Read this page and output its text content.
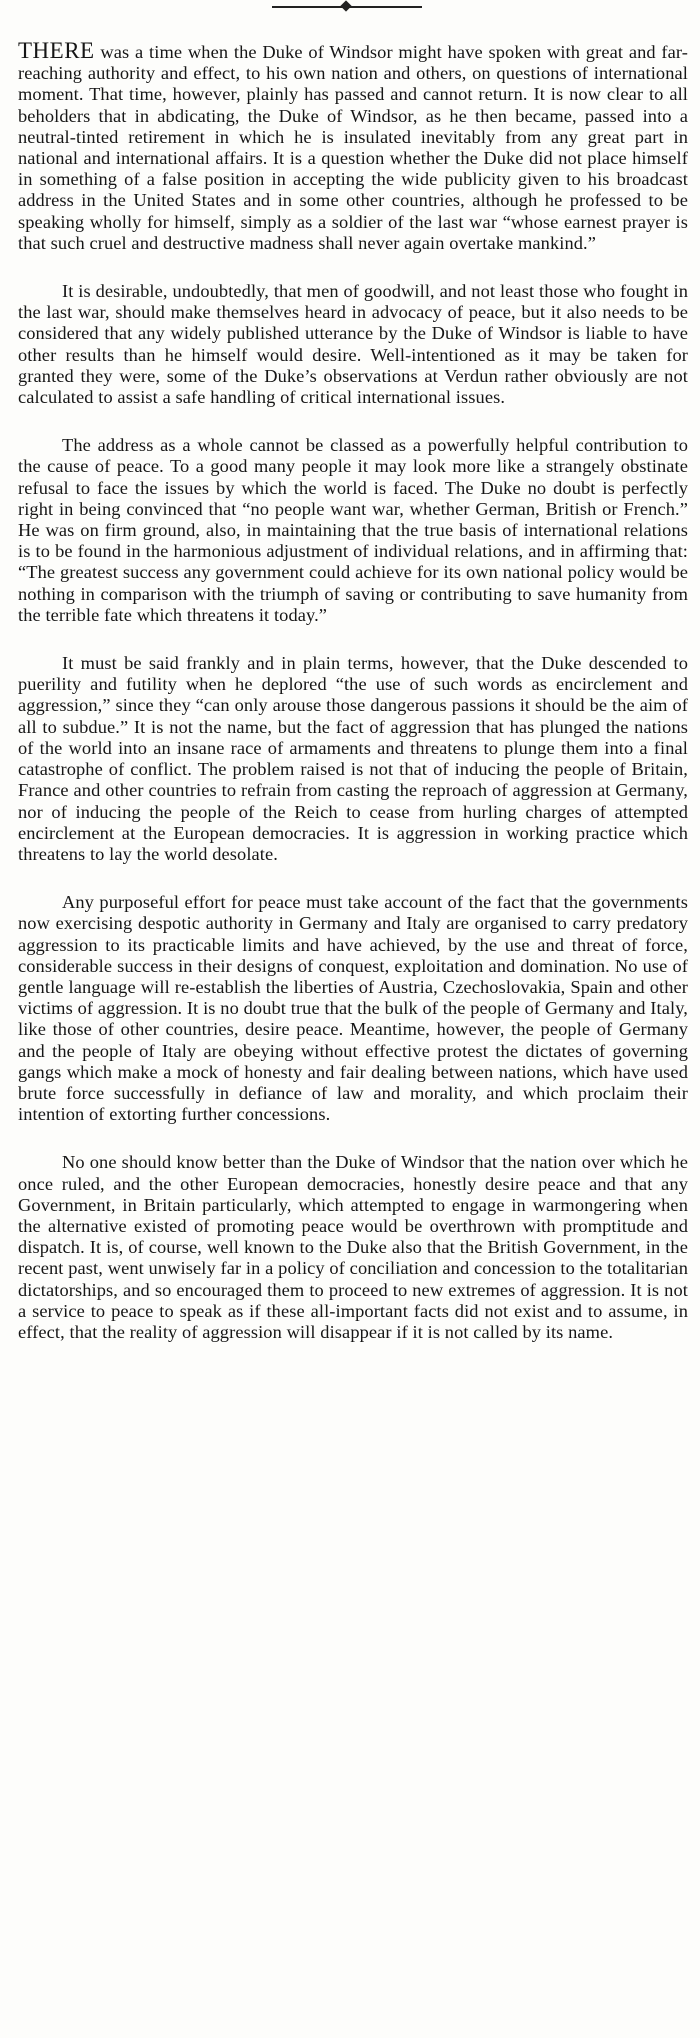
THERE was a time when the Duke of Windsor might have spoken with great and far-reaching authority and effect, to his own nation and others, on questions of international moment. That time, however, plainly has passed and cannot return. It is now clear to all beholders that in abdicating, the Duke of Windsor, as he then became, passed into a neutral-tinted retirement in which he is insulated inevitably from any great part in national and international affairs. It is a question whether the Duke did not place himself in something of a false position in accepting the wide publicity given to his broadcast address in the United States and in some other countries, although he professed to be speaking wholly for himself, simply as a soldier of the last war “whose earnest prayer is that such cruel and destructive madness shall never again overtake mankind.”

It is desirable, undoubtedly, that men of goodwill, and not least those who fought in the last war, should make themselves heard in advocacy of peace, but it also needs to be considered that any widely published utterance by the Duke of Windsor is liable to have other results than he himself would desire. Well-intentioned as it may be taken for granted they were, some of the Duke’s observations at Verdun rather obviously are not calculated to assist a safe handling of critical international issues.

The address as a whole cannot be classed as a powerfully helpful contribution to the cause of peace. To a good many people it may look more like a strangely obstinate refusal to face the issues by which the world is faced. The Duke no doubt is perfectly right in being convinced that “no people want war, whether German, British or French.” He was on firm ground, also, in maintaining that the true basis of international relations is to be found in the harmonious adjustment of individual relations, and in affirming that: “The greatest success any government could achieve for its own national policy would be nothing in comparison with the triumph of saving or contributing to save humanity from the terrible fate which threatens it today.”

It must be said frankly and in plain terms, however, that the Duke descended to puerility and futility when he deplored “the use of such words as encirclement and aggression,” since they “can only arouse those dangerous passions it should be the aim of all to subdue.” It is not the name, but the fact of aggression that has plunged the nations of the world into an insane race of armaments and threatens to plunge them into a final catastrophe of conflict. The problem raised is not that of inducing the people of Britain, France and other countries to refrain from casting the reproach of aggression at Germany, nor of inducing the people of the Reich to cease from hurling charges of attempted encirclement at the European democracies. It is aggression in working practice which threatens to lay the world desolate.

Any purposeful effort for peace must take account of the fact that the governments now exercising despotic authority in Germany and Italy are organised to carry predatory aggression to its practicable limits and have achieved, by the use and threat of force, considerable success in their designs of conquest, exploitation and domination. No use of gentle language will re-establish the liberties of Austria, Czechoslovakia, Spain and other victims of aggression. It is no doubt true that the bulk of the people of Germany and Italy, like those of other countries, desire peace. Meantime, however, the people of Germany and the people of Italy are obeying without effective protest the dictates of governing gangs which make a mock of honesty and fair dealing between nations, which have used brute force successfully in defiance of law and morality, and which proclaim their intention of extorting further concessions.

No one should know better than the Duke of Windsor that the nation over which he once ruled, and the other European democracies, honestly desire peace and that any Government, in Britain particularly, which attempted to engage in warmongering when the alternative existed of promoting peace would be overthrown with promptitude and dispatch. It is, of course, well known to the Duke also that the British Government, in the recent past, went unwisely far in a policy of conciliation and concession to the totalitarian dictatorships, and so encouraged them to proceed to new extremes of aggression. It is not a service to peace to speak as if these all-important facts did not exist and to assume, in effect, that the reality of aggression will disappear if it is not called by its name.
